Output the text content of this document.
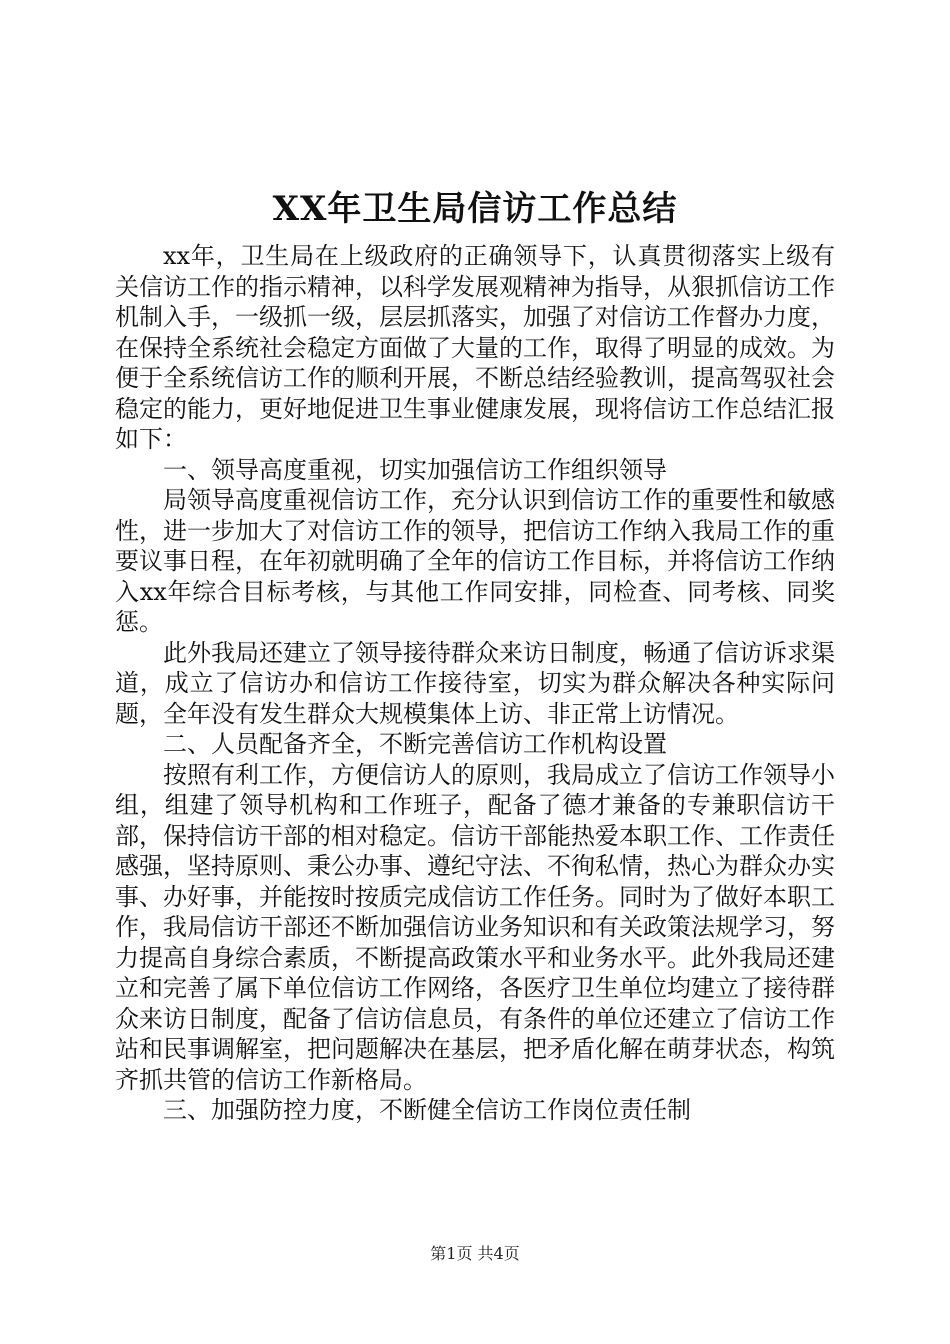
XX年卫生局信访工作总结

xx年，卫生局在上级政府的正确领导下，认真贯彻落实上级有关信访工作的指示精神，以科学发展观精神为指导，从狠抓信访工作机制入手，一级抓一级，层层抓落实，加强了对信访工作督办力度，在保持全系统社会稳定方面做了大量的工作，取得了明显的成效。为便于全系统信访工作的顺利开展，不断总结经验教训，提高驾驭社会稳定的能力，更好地促进卫生事业健康发展，现将信访工作总结汇报如下：

一、领导高度重视，切实加强信访工作组织领导

局领导高度重视信访工作，充分认识到信访工作的重要性和敏感性，进一步加大了对信访工作的领导，把信访工作纳入我局工作的重要议事日程，在年初就明确了全年的信访工作目标，并将信访工作纳入xx年综合目标考核，与其他工作同安排，同检查、同考核、同奖惩。

此外我局还建立了领导接待群众来访日制度，畅通了信访诉求渠道，成立了信访办和信访工作接待室，切实为群众解决各种实际问题，全年没有发生群众大规模集体上访、非正常上访情况。

二、人员配备齐全，不断完善信访工作机构设置

按照有利工作，方便信访人的原则，我局成立了信访工作领导小组，组建了领导机构和工作班子，配备了德才兼备的专兼职信访干部，保持信访干部的相对稳定。信访干部能热爱本职工作、工作责任感强，坚持原则、秉公办事、遵纪守法、不徇私情，热心为群众办实事、办好事，并能按时按质完成信访工作任务。同时为了做好本职工作，我局信访干部还不断加强信访业务知识和有关政策法规学习，努力提高自身综合素质，不断提高政策水平和业务水平。此外我局还建立和完善了属下单位信访工作网络，各医疗卫生单位均建立了接待群众来访日制度，配备了信访信息员，有条件的单位还建立了信访工作站和民事调解室，把问题解决在基层，把矛盾化解在萌芽状态，构筑齐抓共管的信访工作新格局。

三、加强防控力度，不断健全信访工作岗位责任制

第1页 共4页
